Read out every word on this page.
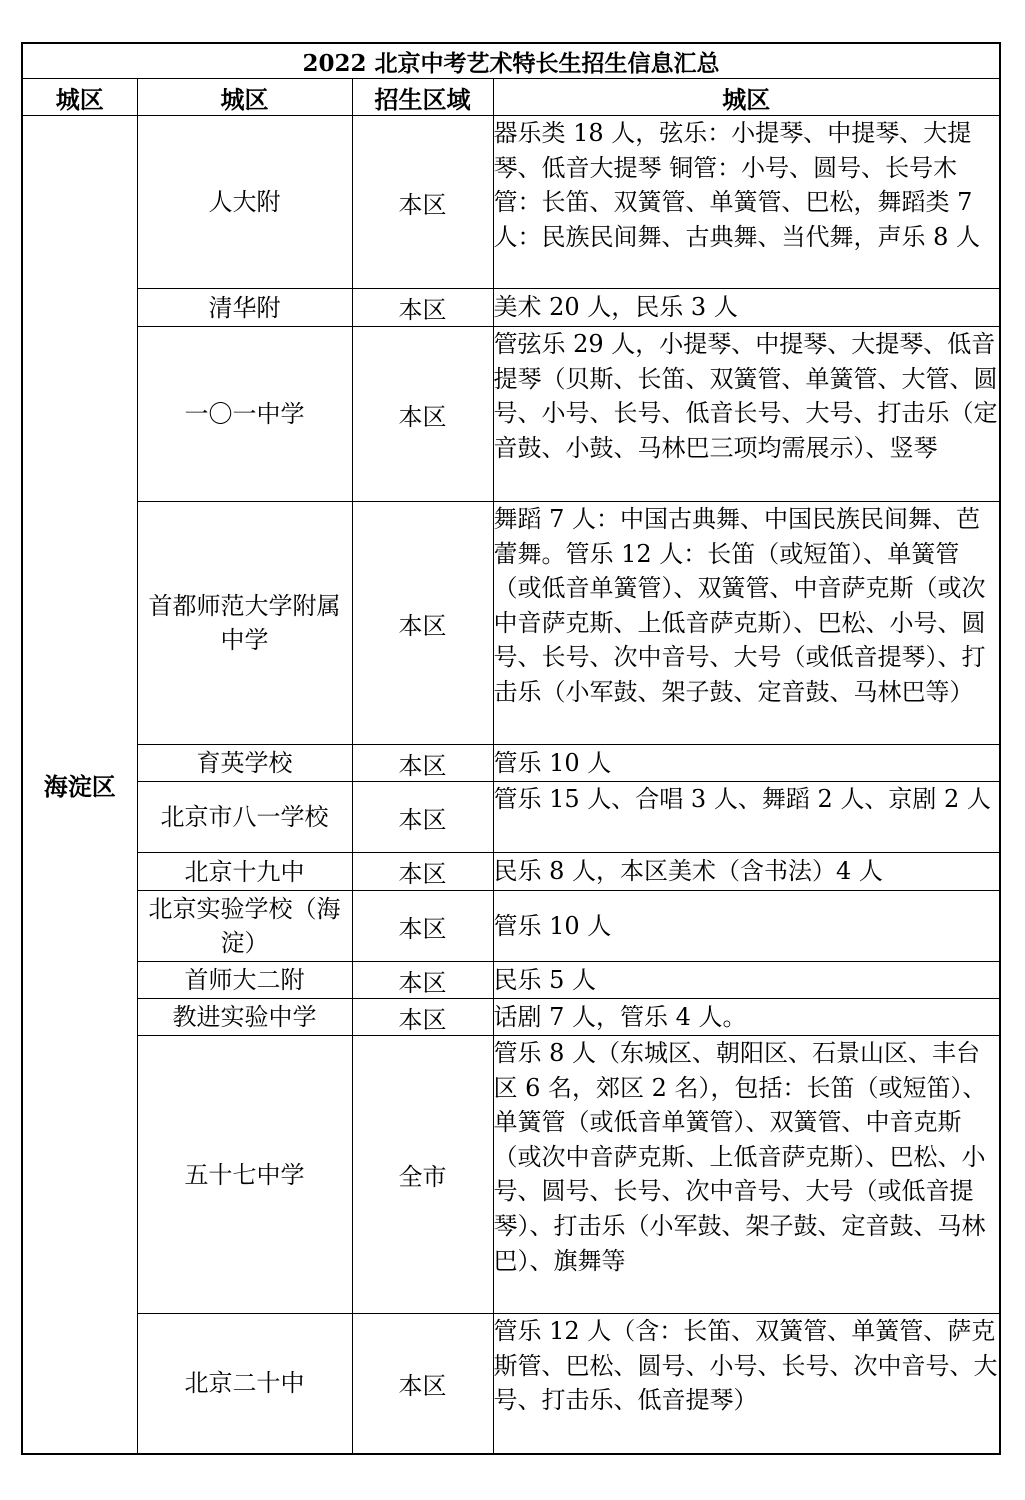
2022 北京中考艺术特长生招生信息汇总			
城区	城区	招生区域	城区
海淀区	人大附	本区	器乐类 18 人，弦乐：小提琴、中提琴、大提琴、低音大提琴 铜管：小号、圆号、长号木管：长笛、双簧管、单簧管、巴松，舞蹈类 7 人：民族民间舞、古典舞、当代舞，声乐 8 人
	清华附	本区	美术 20 人，民乐 3 人
	一〇一中学	本区	管弦乐 29 人，小提琴、中提琴、大提琴、低音提琴（贝斯、长笛、双簧管、单簧管、大管、圆号、小号、长号、低音长号、大号、打击乐（定音鼓、小鼓、马林巴三项均需展示）、竖琴
	首都师范大学附属中学	本区	舞蹈 7 人：中国古典舞、中国民族民间舞、芭蕾舞。管乐 12 人：长笛（或短笛）、单簧管（或低音单簧管）、双簧管、中音萨克斯（或次中音萨克斯、上低音萨克斯）、巴松、小号、圆号、长号、次中音号、大号（或低音提琴）、打击乐（小军鼓、架子鼓、定音鼓、马林巴等）
	育英学校	本区	管乐 10 人
	北京市八一学校	本区	管乐 15 人、合唱 3 人、舞蹈 2 人、京剧 2 人
	北京十九中	本区	民乐 8 人，本区美术（含书法）4 人
	北京实验学校（海淀）	本区	管乐 10 人
	首师大二附	本区	民乐 5 人
	教进实验中学	本区	话剧 7 人，管乐 4 人。
	五十七中学	全市	管乐 8 人（东城区、朝阳区、石景山区、丰台区 6 名，郊区 2 名），包括：长笛（或短笛）、单簧管（或低音单簧管）、双簧管、中音克斯（或次中音萨克斯、上低音萨克斯）、巴松、小号、圆号、长号、次中音号、大号（或低音提琴）、打击乐（小军鼓、架子鼓、定音鼓、马林巴）、旗舞等
	北京二十中	本区	管乐 12 人（含：长笛、双簧管、单簧管、萨克斯管、巴松、圆号、小号、长号、次中音号、大号、打击乐、低音提琴）
